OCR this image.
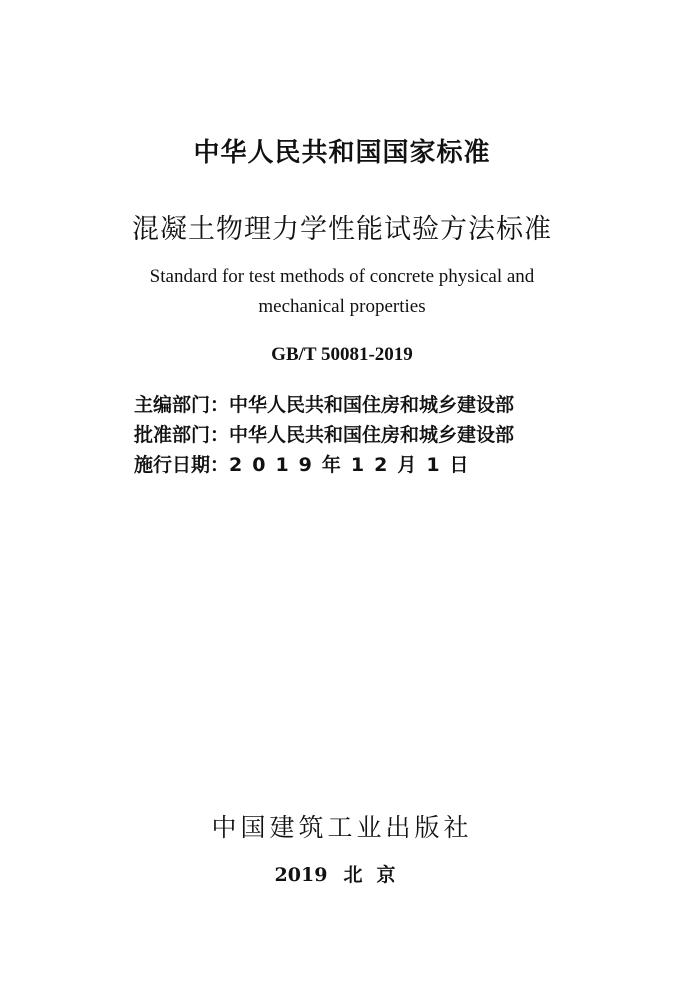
中华人民共和国国家标准
混凝土物理力学性能试验方法标准
Standard for test methods of concrete physical and
mechanical properties
GB/T 50081-2019
主编部门：中华人民共和国住房和城乡建设部
批准部门：中华人民共和国住房和城乡建设部
施行日期：2019年12月1日
中国建筑工业出版社
2019 北京
